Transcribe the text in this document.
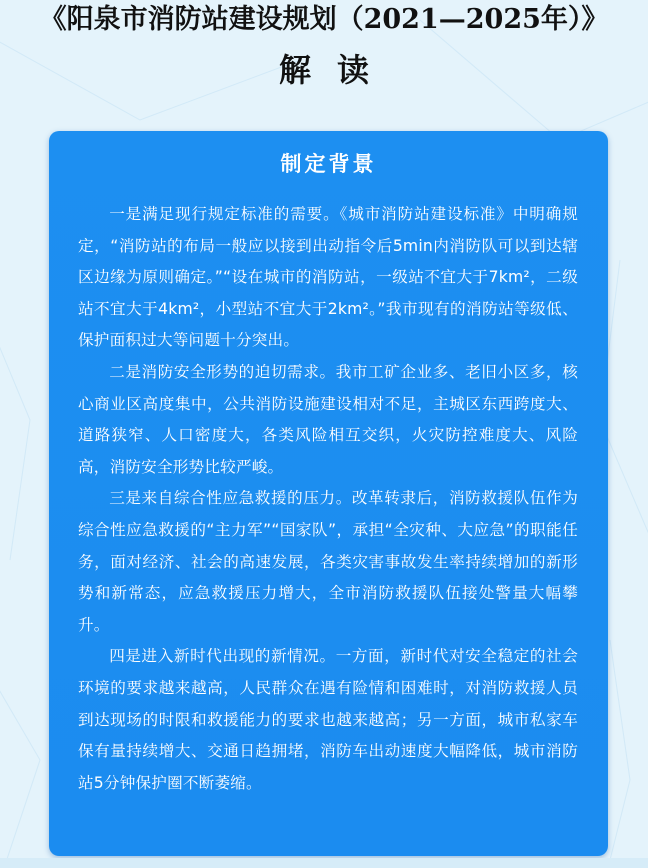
《阳泉市消防站建设规划（2021—2025年）》
解读
制定背景

一是满足现行规定标准的需要。《城市消防站建设标准》中明确规定，“消防站的布局一般应以接到出动指令后5min内消防队可以到达辖区边缘为原则确定。”“设在城市的消防站，一级站不宜大于7km²，二级站不宜大于4km²，小型站不宜大于2km²。”我市现有的消防站等级低、保护面积过大等问题十分突出。

二是消防安全形势的迫切需求。我市工矿企业多、老旧小区多，核心商业区高度集中，公共消防设施建设相对不足，主城区东西跨度大、道路狭窄、人口密度大，各类风险相互交织，火灾防控难度大、风险高，消防安全形势比较严峻。

三是来自综合性应急救援的压力。改革转隶后，消防救援队伍作为综合性应急救援的“主力军”“国家队”，承担“全灾种、大应急”的职能任务，面对经济、社会的高速发展，各类灾害事故发生率持续增加的新形势和新常态，应急救援压力增大，全市消防救援队伍接处警量大幅攀升。

四是进入新时代出现的新情况。一方面，新时代对安全稳定的社会环境的要求越来越高，人民群众在遇有险情和困难时，对消防救援人员到达现场的时限和救援能力的要求也越来越高；另一方面，城市私家车保有量持续增大、交通日趋拥堵，消防车出动速度大幅降低，城市消防站5分钟保护圈不断萎缩。
